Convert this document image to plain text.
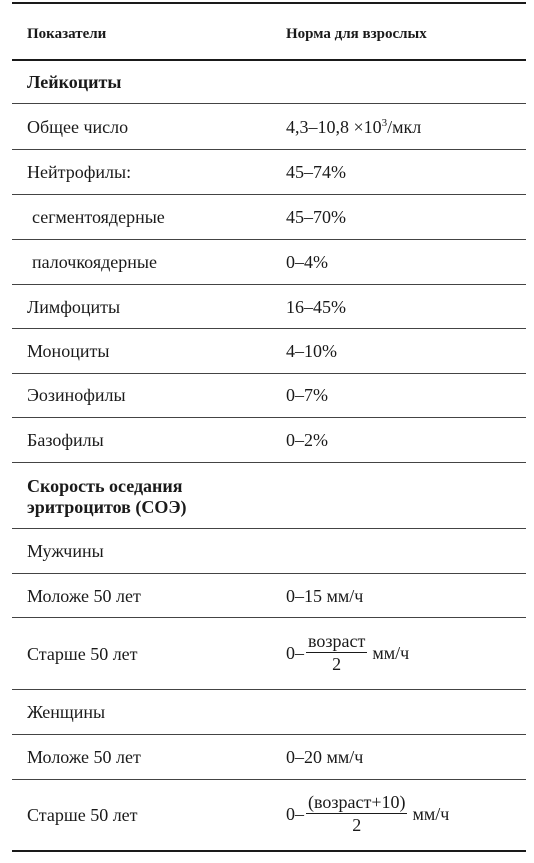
Показатели	Норма для взрослых
Лейкоциты
Общее число	$4,3-10,8 \times 10^3$/мкл
Нейтрофилы:	45–74%
сегментоядерные	45–70%
палочкоядерные	0–4%
Лимфоциты	16–45%
Моноциты	4–10%
Эозинофилы	0–7%
Базофилы	0–2%
Скорость оседания
эритроцитов (СОЭ)
Мужчины
Моложе 50 лет	0–15 мм/ч
Старше 50 лет	$0- \frac{\text{возраст}}{2} мм/ч$
Женщины
Моложе 50 лет	0–20 мм/ч
Старше 50 лет	$0- \frac{\text{(возраст+10)}}{2} мм/ч$
